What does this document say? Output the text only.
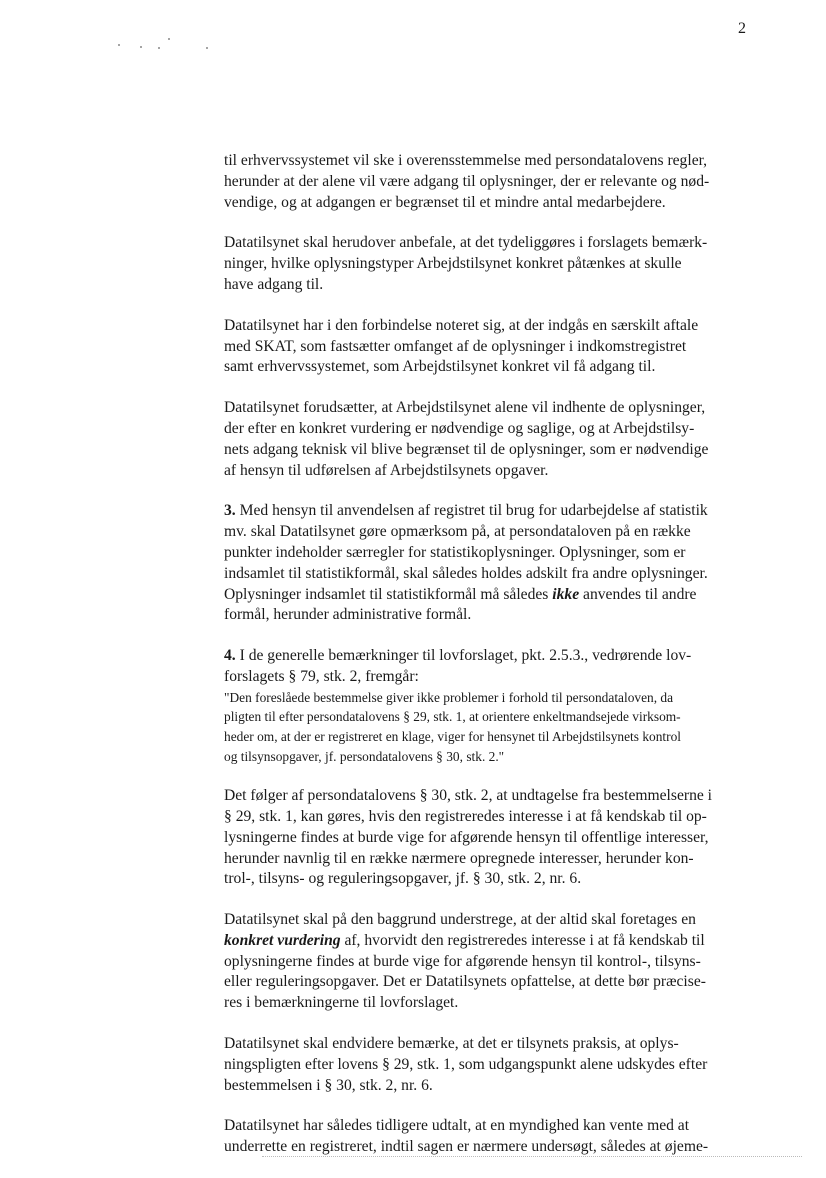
2
til erhvervssystemet vil ske i overensstemmelse med persondatalovens regler,
herunder at der alene vil være adgang til oplysninger, der er relevante og nød-
vendige, og at adgangen er begrænset til et mindre antal medarbejdere.
Datatilsynet skal herudover anbefale, at det tydeliggøres i forslagets bemærk-
ninger, hvilke oplysningstyper Arbejdstilsynet konkret påtænkes at skulle
have adgang til.
Datatilsynet har i den forbindelse noteret sig, at der indgås en særskilt aftale
med SKAT, som fastsætter omfanget af de oplysninger i indkomstregistret
samt erhvervssystemet, som Arbejdstilsynet konkret vil få adgang til.
Datatilsynet forudsætter, at Arbejdstilsynet alene vil indhente de oplysninger,
der efter en konkret vurdering er nødvendige og saglige, og at Arbejdstilsy-
nets adgang teknisk vil blive begrænset til de oplysninger, som er nødvendige
af hensyn til udførelsen af Arbejdstilsynets opgaver.
3. Med hensyn til anvendelsen af registret til brug for udarbejdelse af statistik
mv. skal Datatilsynet gøre opmærksom på, at persondataloven på en række
punkter indeholder særregler for statistikoplysninger. Oplysninger, som er
indsamlet til statistikformål, skal således holdes adskilt fra andre oplysninger.
Oplysninger indsamlet til statistikformål må således ikke anvendes til andre
formål, herunder administrative formål.
4. I de generelle bemærkninger til lovforslaget, pkt. 2.5.3., vedrørende lov-
forslagets § 79, stk. 2, fremgår:
"Den foreslåede bestemmelse giver ikke problemer i forhold til persondataloven, da
pligten til efter persondatalovens § 29, stk. 1, at orientere enkeltmandsejede virksom-
heder om, at der er registreret en klage, viger for hensynet til Arbejdstilsynets kontrol
og tilsynsopgaver, jf. persondatalovens § 30, stk. 2."
Det følger af persondatalovens § 30, stk. 2, at undtagelse fra bestemmelserne i
§ 29, stk. 1, kan gøres, hvis den registreredes interesse i at få kendskab til op-
lysningerne findes at burde vige for afgørende hensyn til offentlige interesser,
herunder navnlig til en række nærmere opregnede interesser, herunder kon-
trol-, tilsyns- og reguleringsopgaver, jf. § 30, stk. 2, nr. 6.
Datatilsynet skal på den baggrund understrege, at der altid skal foretages en
konkret vurdering af, hvorvidt den registreredes interesse i at få kendskab til
oplysningerne findes at burde vige for afgørende hensyn til kontrol-, tilsyns-
eller reguleringsopgaver. Det er Datatilsynets opfattelse, at dette bør præcise-
res i bemærkningerne til lovforslaget.
Datatilsynet skal endvidere bemærke, at det er tilsynets praksis, at oplys-
ningspligten efter lovens § 29, stk. 1, som udgangspunkt alene udskydes efter
bestemmelsen i § 30, stk. 2, nr. 6.
Datatilsynet har således tidligere udtalt, at en myndighed kan vente med at
underrette en registreret, indtil sagen er nærmere undersøgt, således at øjeme-
